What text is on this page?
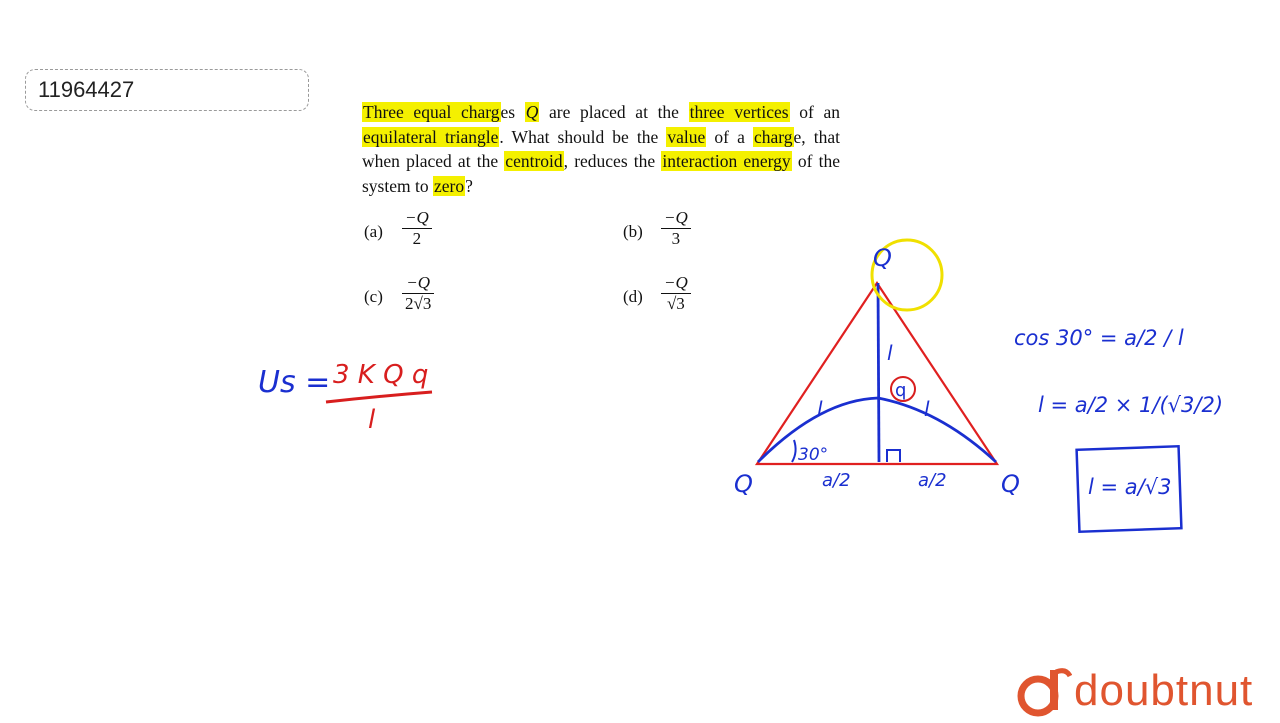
11964427
Three equal charges Q are placed at the three vertices of an equilateral triangle. What should be the value of a charge, that when placed at the centroid, reduces the interaction energy of the system to zero?
$(a) \frac{-Q}{2}$	$(b) \frac{-Q}{3}$
$(c) \frac{-Q}{2√3}$	$(d) \frac{-Q}{√3}$
Us = 3 K Q q
l
q
Q
Q	Q
l
l	l
30°
a/2	a/2
cos 30° = a/2 / l
l = a/2 × 1/(√3/2)
l = a/√3
doubtnut
